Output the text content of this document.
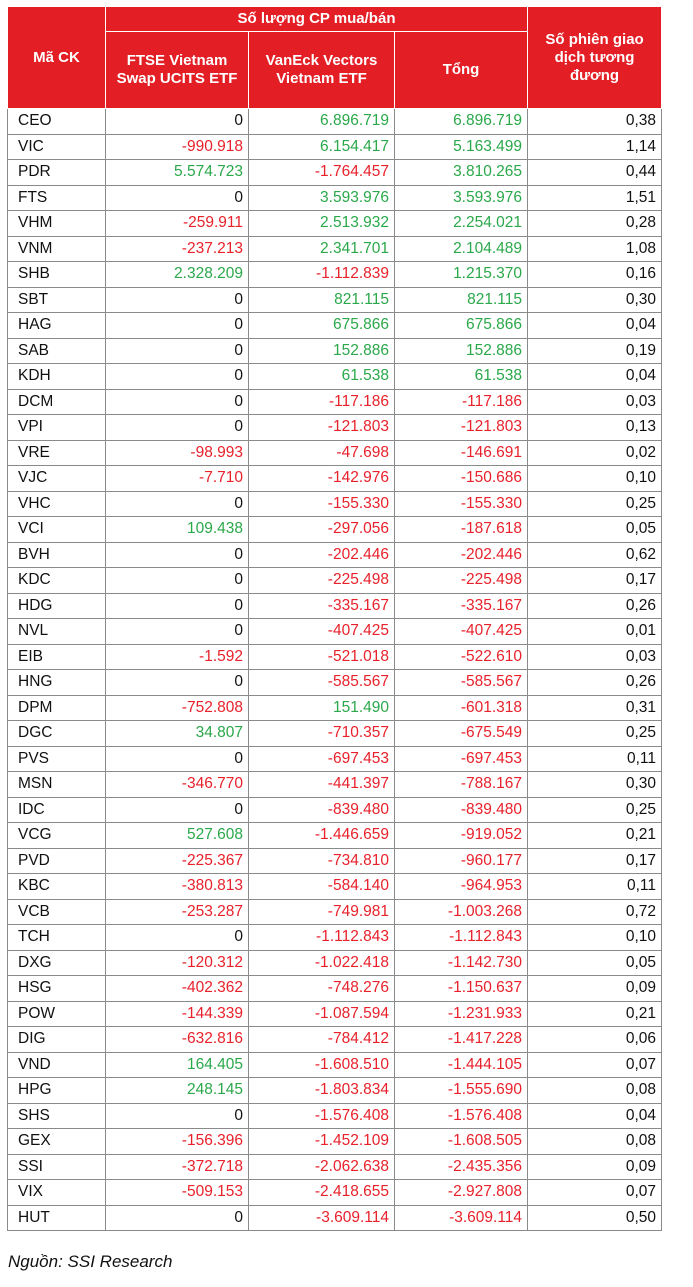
Mã CK	Số lượng CP mua/bán			Số phiên giao dịch tương đương
	FTSE Vietnam Swap UCITS ETF	VanEck Vectors Vietnam ETF	Tổng	
CEO	0	6.896.719	6.896.719	0,38
VIC	-990.918	6.154.417	5.163.499	1,14
PDR	5.574.723	-1.764.457	3.810.265	0,44
FTS	0	3.593.976	3.593.976	1,51
VHM	-259.911	2.513.932	2.254.021	0,28
VNM	-237.213	2.341.701	2.104.489	1,08
SHB	2.328.209	-1.112.839	1.215.370	0,16
SBT	0	821.115	821.115	0,30
HAG	0	675.866	675.866	0,04
SAB	0	152.886	152.886	0,19
KDH	0	61.538	61.538	0,04
DCM	0	-117.186	-117.186	0,03
VPI	0	-121.803	-121.803	0,13
VRE	-98.993	-47.698	-146.691	0,02
VJC	-7.710	-142.976	-150.686	0,10
VHC	0	-155.330	-155.330	0,25
VCI	109.438	-297.056	-187.618	0,05
BVH	0	-202.446	-202.446	0,62
KDC	0	-225.498	-225.498	0,17
HDG	0	-335.167	-335.167	0,26
NVL	0	-407.425	-407.425	0,01
EIB	-1.592	-521.018	-522.610	0,03
HNG	0	-585.567	-585.567	0,26
DPM	-752.808	151.490	-601.318	0,31
DGC	34.807	-710.357	-675.549	0,25
PVS	0	-697.453	-697.453	0,11
MSN	-346.770	-441.397	-788.167	0,30
IDC	0	-839.480	-839.480	0,25
VCG	527.608	-1.446.659	-919.052	0,21
PVD	-225.367	-734.810	-960.177	0,17
KBC	-380.813	-584.140	-964.953	0,11
VCB	-253.287	-749.981	-1.003.268	0,72
TCH	0	-1.112.843	-1.112.843	0,10
DXG	-120.312	-1.022.418	-1.142.730	0,05
HSG	-402.362	-748.276	-1.150.637	0,09
POW	-144.339	-1.087.594	-1.231.933	0,21
DIG	-632.816	-784.412	-1.417.228	0,06
VND	164.405	-1.608.510	-1.444.105	0,07
HPG	248.145	-1.803.834	-1.555.690	0,08
SHS	0	-1.576.408	-1.576.408	0,04
GEX	-156.396	-1.452.109	-1.608.505	0,08
SSI	-372.718	-2.062.638	-2.435.356	0,09
VIX	-509.153	-2.418.655	-2.927.808	0,07
HUT	0	-3.609.114	-3.609.114	0,50
Nguồn: SSI Research
